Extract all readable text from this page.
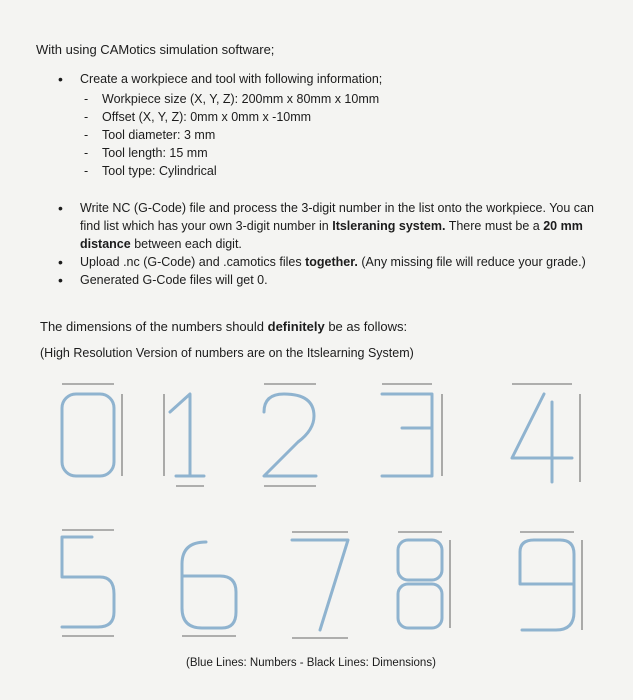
With using CAMotics simulation software;
• Create a workpiece and tool with following information;
- Workpiece size (X, Y, Z): 200mm x 80mm x 10mm
- Offset (X, Y, Z): 0mm x 0mm x -10mm
- Tool diameter: 3 mm
- Tool length: 15 mm
- Tool type: Cylindrical
• Write NC (G-Code) file and process the 3-digit number in the list onto the workpiece. You can find list which has your own 3-digit number in Itsleraning system. There must be a 20 mm distance between each digit.
• Upload .nc (G-Code) and .camotics files together. (Any missing file will reduce your grade.)
• Generated G-Code files will get 0.
The dimensions of the numbers should definitely be as follows:
(High Resolution Version of numbers are on the Itslearning System)
(Blue Lines: Numbers - Black Lines: Dimensions)
